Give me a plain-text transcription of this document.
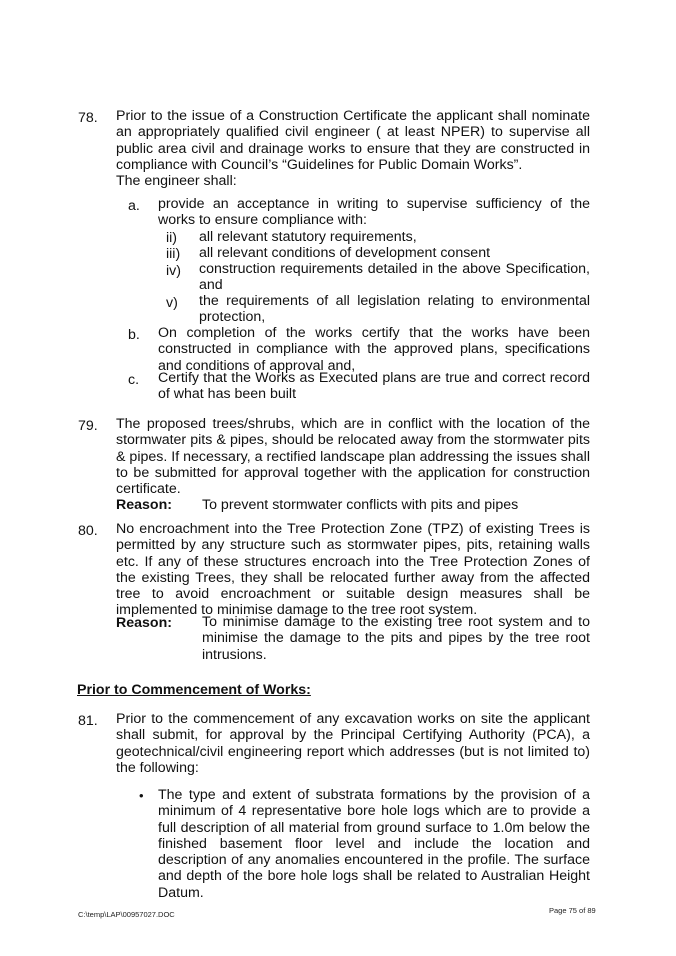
78. Prior to the issue of a Construction Certificate the applicant shall nominate an appropriately qualified civil engineer ( at least NPER) to supervise all public area civil and drainage works to ensure that they are constructed in compliance with Council’s “Guidelines for Public Domain Works”.
The engineer shall:
a. provide an acceptance in writing to supervise sufficiency of the works to ensure compliance with:
ii) all relevant statutory requirements,
iii) all relevant conditions of development consent
iv) construction requirements detailed in the above Specification, and
v) the requirements of all legislation relating to environmental protection,
b. On completion of the works certify that the works have been constructed in compliance with the approved plans, specifications and conditions of approval and,
c. Certify that the Works as Executed plans are true and correct record of what has been built
79. The proposed trees/shrubs, which are in conflict with the location of the stormwater pits & pipes, should be relocated away from the stormwater pits & pipes. If necessary, a rectified landscape plan addressing the issues shall to be submitted for approval together with the application for construction certificate.
Reason: To prevent stormwater conflicts with pits and pipes
80. No encroachment into the Tree Protection Zone (TPZ) of existing Trees is permitted by any structure such as stormwater pipes, pits, retaining walls etc. If any of these structures encroach into the Tree Protection Zones of the existing Trees, they shall be relocated further away from the affected tree to avoid encroachment or suitable design measures shall be implemented to minimise damage to the tree root system.
Reason: To minimise damage to the existing tree root system and to minimise the damage to the pits and pipes by the tree root intrusions.
Prior to Commencement of Works:
81. Prior to the commencement of any excavation works on site the applicant shall submit, for approval by the Principal Certifying Authority (PCA), a geotechnical/civil engineering report which addresses (but is not limited to) the following:
• The type and extent of substrata formations by the provision of a minimum of 4 representative bore hole logs which are to provide a full description of all material from ground surface to 1.0m below the finished basement floor level and include the location and description of any anomalies encountered in the profile. The surface and depth of the bore hole logs shall be related to Australian Height Datum.
C:\temp\LAP\00957027.DOC	Page 75 of 89
